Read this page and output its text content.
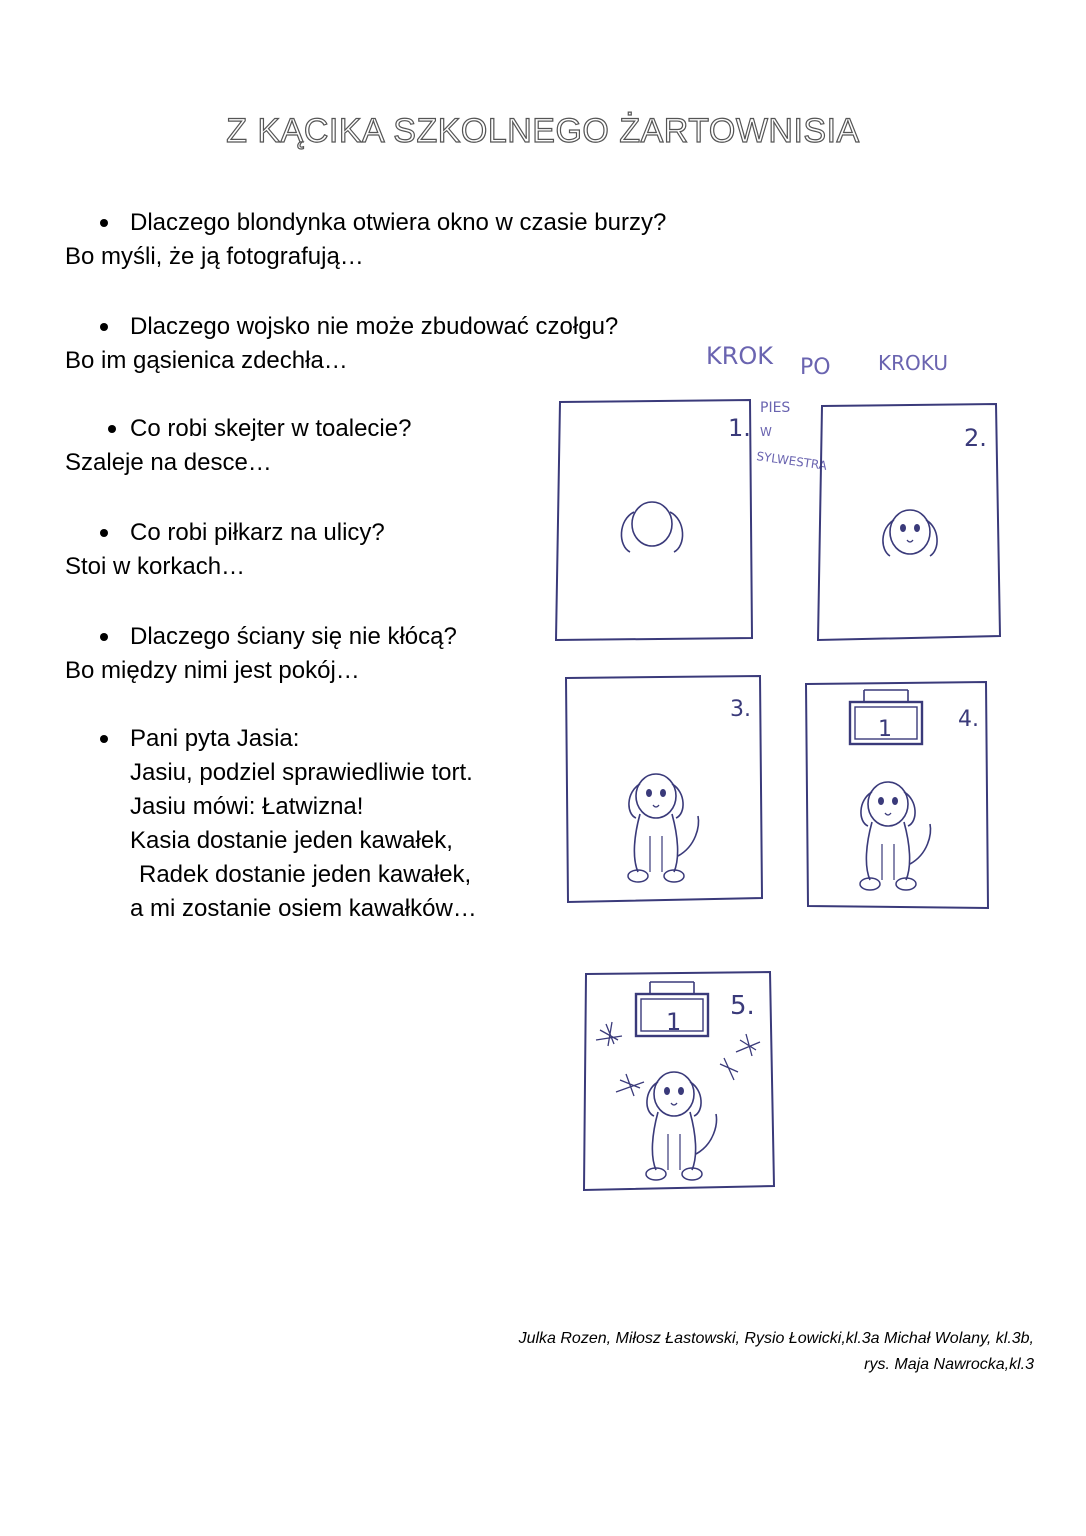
Z KĄCIKA SZKOLNEGO ŻARTOWNISIA
Dlaczego blondynka otwiera okno w czasie burzy?
Bo myśli, że ją fotografują…
Dlaczego wojsko nie może zbudować czołgu?
Bo im gąsienica zdechła…
Co robi skejter w toalecie?
Szaleje na desce…
Co robi piłkarz na ulicy?
Stoi w korkach…
Dlaczego ściany się nie kłócą?
Bo między nimi jest pokój…
Pani pyta Jasia:
Jasiu, podziel sprawiedliwie tort.
Jasiu mówi: Łatwizna!
Kasia dostanie jeden kawałek,
Radek dostanie jeden kawałek,
a mi zostanie osiem kawałków…
KROK PO KROKU
PIES
W
SYLWESTRA
1.	2.
3.	4.
1
5.
1
Julka Rozen, Miłosz Łastowski, Rysio Łowicki,kl.3a Michał Wolany, kl.3b,
rys. Maja Nawrocka,kl.3
